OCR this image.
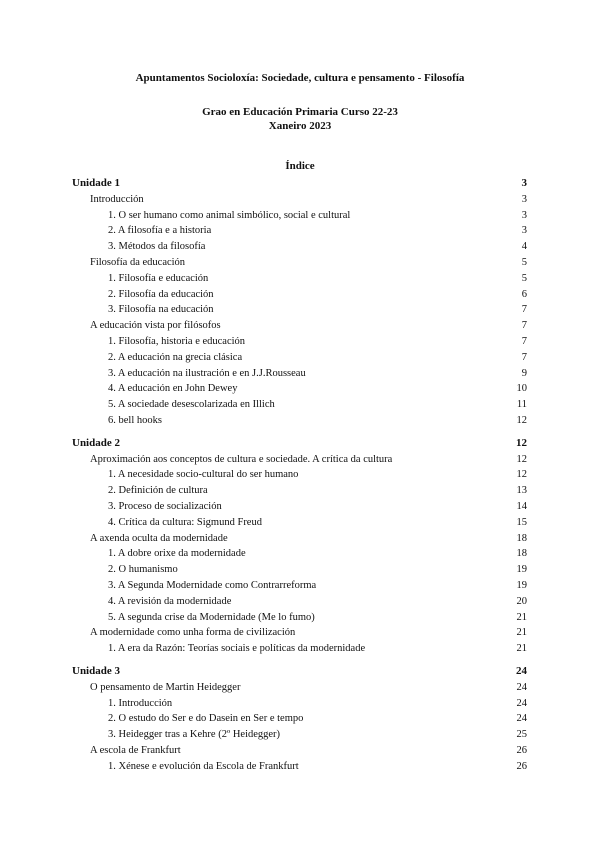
Apuntamentos Socioloxía: Sociedade, cultura e pensamento - Filosofía
Grao en Educación Primaria Curso 22-23
Xaneiro 2023
Índice
Unidade 1	3
Introducción	3
1. O ser humano como animal simbólico, social e cultural	3
2. A filosofía e a historia	3
3. Métodos da filosofía	4
Filosofía da educación	5
1. Filosofía e educación	5
2. Filosofía da educación	6
3. Filosofía na educación	7
A educación vista por filósofos	7
1. Filosofía, historia e educación	7
2. A educación na grecia clásica	7
3. A educación na ilustración e en J.J.Rousseau	9
4. A educación en John Dewey	10
5. A sociedade desescolarizada en Illich	11
6. bell hooks	12
Unidade 2	12
Aproximación aos conceptos de cultura e sociedade. A crítica da cultura	12
1. A necesidade socio-cultural do ser humano	12
2. Definición de cultura	13
3. Proceso de socialización	14
4. Crítica da cultura: Sigmund Freud	15
A axenda oculta da modernidade	18
1. A dobre orixe da modernidade	18
2. O humanismo	19
3. A Segunda Modernidade como Contrarreforma	19
4. A revisión da modernidade	20
5. A segunda crise da Modernidade (Me lo fumo)	21
A modernidade como unha forma de civilización	21
1. A era da Razón: Teorías sociais e políticas da modernidade	21
Unidade 3	24
O pensamento de Martin Heidegger	24
1. Introducción	24
2. O estudo do Ser e do Dasein en Ser e tempo	24
3. Heidegger tras a Kehre (2º Heidegger)	25
A escola de Frankfurt	26
1. Xénese e evolución da Escola de Frankfurt	26
